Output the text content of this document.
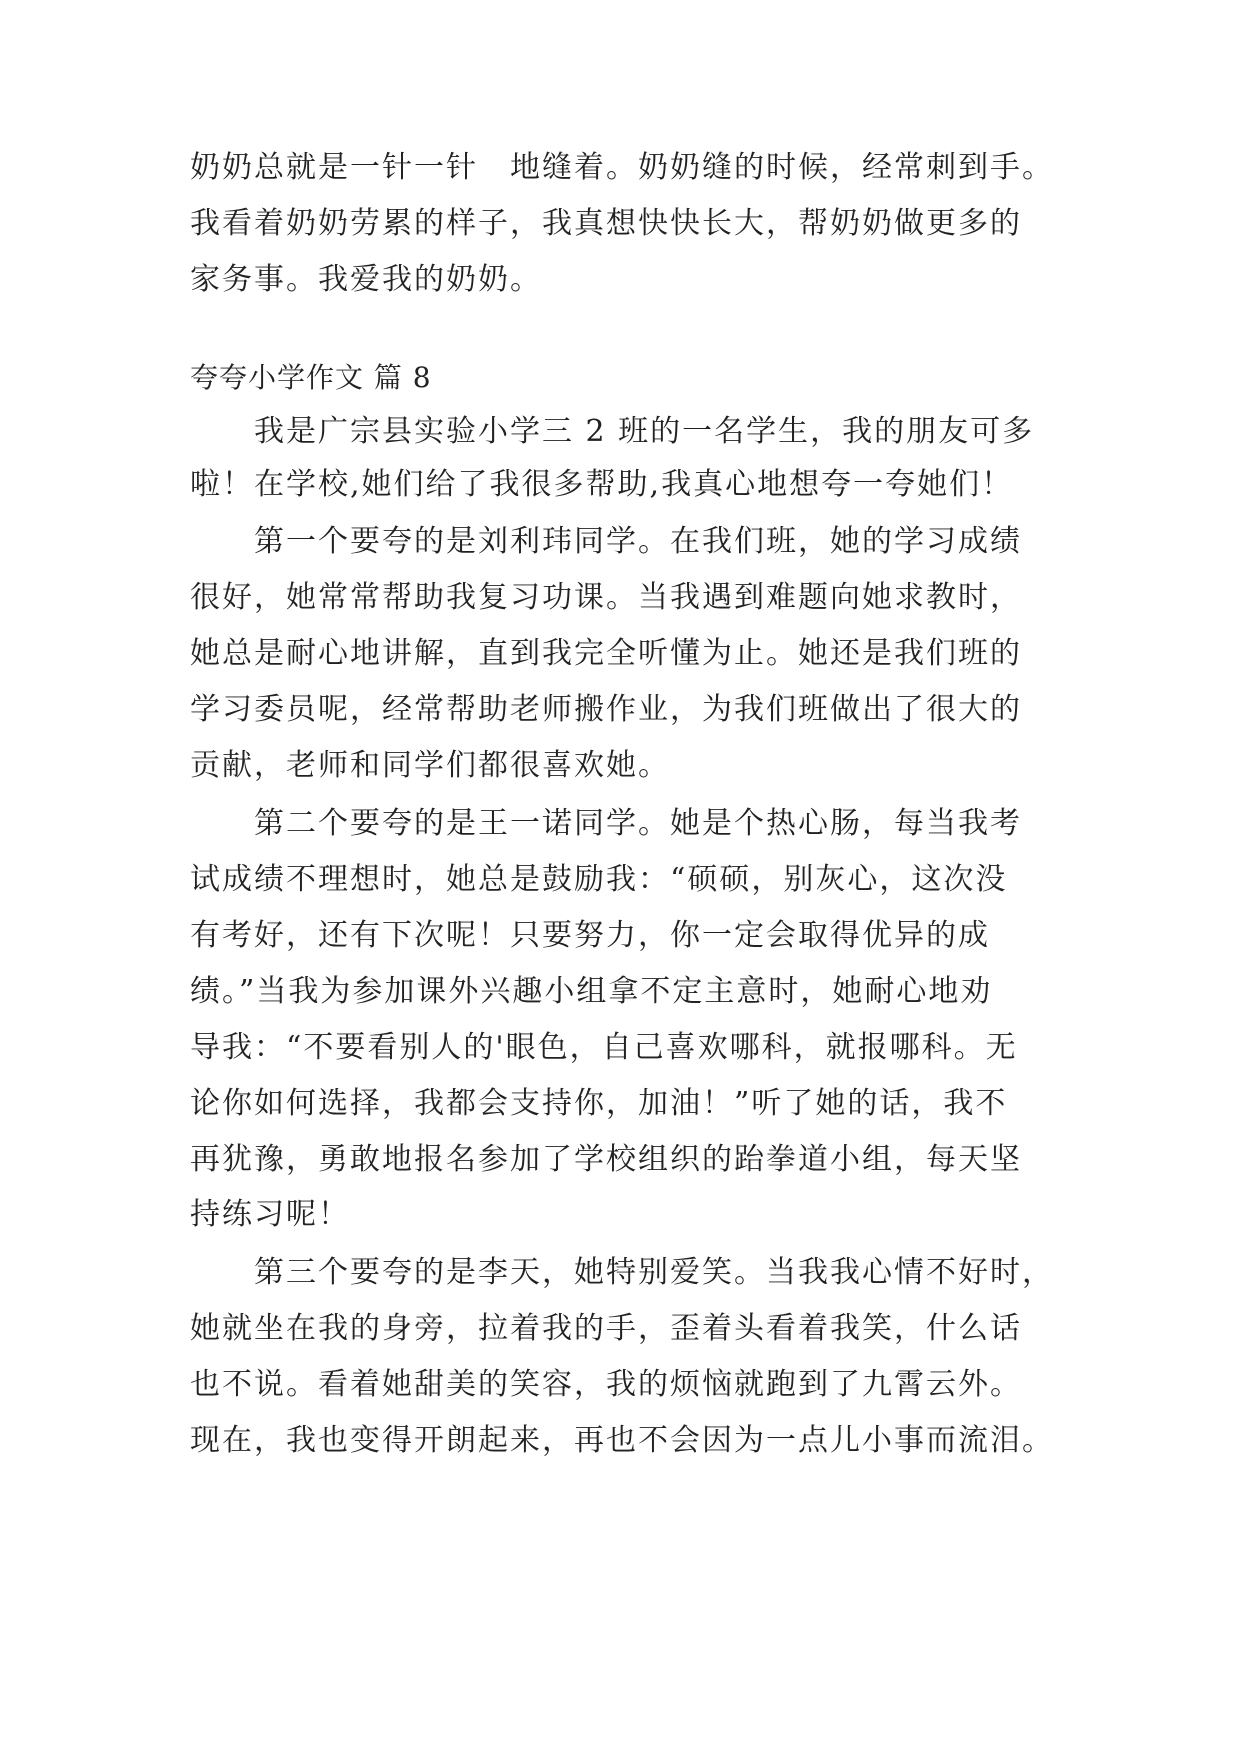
奶奶总就是一针一针　地缝着。奶奶缝的时候，经常刺到手。
我看着奶奶劳累的样子，我真想快快长大，帮奶奶做更多的
家务事。我爱我的奶奶。
夸夸小学作文 篇 8
我是广宗县实验小学三 2 班的一名学生，我的朋友可多
啦！在学校,她们给了我很多帮助,我真心地想夸一夸她们！
第一个要夸的是刘利玮同学。在我们班，她的学习成绩
很好，她常常帮助我复习功课。当我遇到难题向她求教时，
她总是耐心地讲解，直到我完全听懂为止。她还是我们班的
学习委员呢，经常帮助老师搬作业，为我们班做出了很大的
贡献，老师和同学们都很喜欢她。
第二个要夸的是王一诺同学。她是个热心肠，每当我考
试成绩不理想时，她总是鼓励我：“硕硕，别灰心，这次没
有考好，还有下次呢！只要努力，你一定会取得优异的成
绩。”当我为参加课外兴趣小组拿不定主意时，她耐心地劝
导我：“不要看别人的'眼色，自己喜欢哪科，就报哪科。无
论你如何选择，我都会支持你，加油！”听了她的话，我不
再犹豫，勇敢地报名参加了学校组织的跆拳道小组，每天坚
持练习呢！
第三个要夸的是李天，她特别爱笑。当我我心情不好时，
她就坐在我的身旁，拉着我的手，歪着头看着我笑，什么话
也不说。看着她甜美的笑容，我的烦恼就跑到了九霄云外。
现在，我也变得开朗起来，再也不会因为一点儿小事而流泪。
